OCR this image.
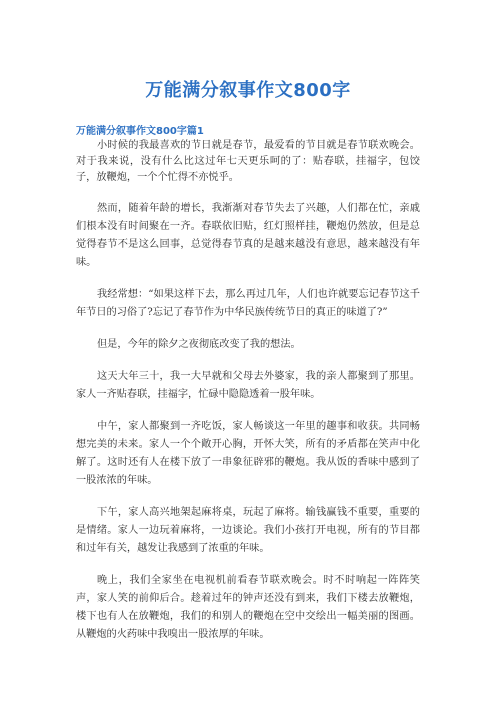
万能满分叙事作文800字
万能满分叙事作文800字篇1

小时候的我最喜欢的节日就是春节，最爱看的节目就是春节联欢晚会。对于我来说，没有什么比这过年七天更乐呵的了：贴春联，挂福字，包饺子，放鞭炮，一个个忙得不亦悦乎。

然而，随着年龄的增长，我渐渐对春节失去了兴趣，人们都在忙，亲戚们根本没有时间聚在一齐。春联依旧贴，红灯照样挂，鞭炮仍然放，但是总觉得春节不是这么回事，总觉得春节真的是越来越没有意思，越来越没有年味。

我经常想：“如果这样下去，那么再过几年，人们也许就要忘记春节这千年节日的习俗了?忘记了春节作为中华民族传统节日的真正的味道了?”

但是，今年的除夕之夜彻底改变了我的想法。

这天大年三十，我一大早就和父母去外婆家，我的亲人都聚到了那里。家人一齐贴春联，挂福字，忙碌中隐隐透着一股年味。

中午，家人都聚到一齐吃饭，家人畅谈这一年里的趣事和收获。共同畅想完美的未来。家人一个个敞开心胸，开怀大笑，所有的矛盾都在笑声中化解了。这时还有人在楼下放了一串象征辟邪的鞭炮。我从饭的香味中感到了一股浓浓的年味。

下午，家人高兴地架起麻将桌，玩起了麻将。输钱赢钱不重要，重要的是情绪。家人一边玩着麻将，一边谈论。我们小孩打开电视，所有的节目都和过年有关，越发让我感到了浓重的年味。

晚上，我们全家坐在电视机前看春节联欢晚会。时不时响起一阵阵笑声，家人笑的前仰后合。趁着过年的钟声还没有到来，我们下楼去放鞭炮，楼下也有人在放鞭炮，我们的和别人的鞭炮在空中交绘出一幅美丽的图画。从鞭炮的火药味中我嗅出一股浓厚的年味。
